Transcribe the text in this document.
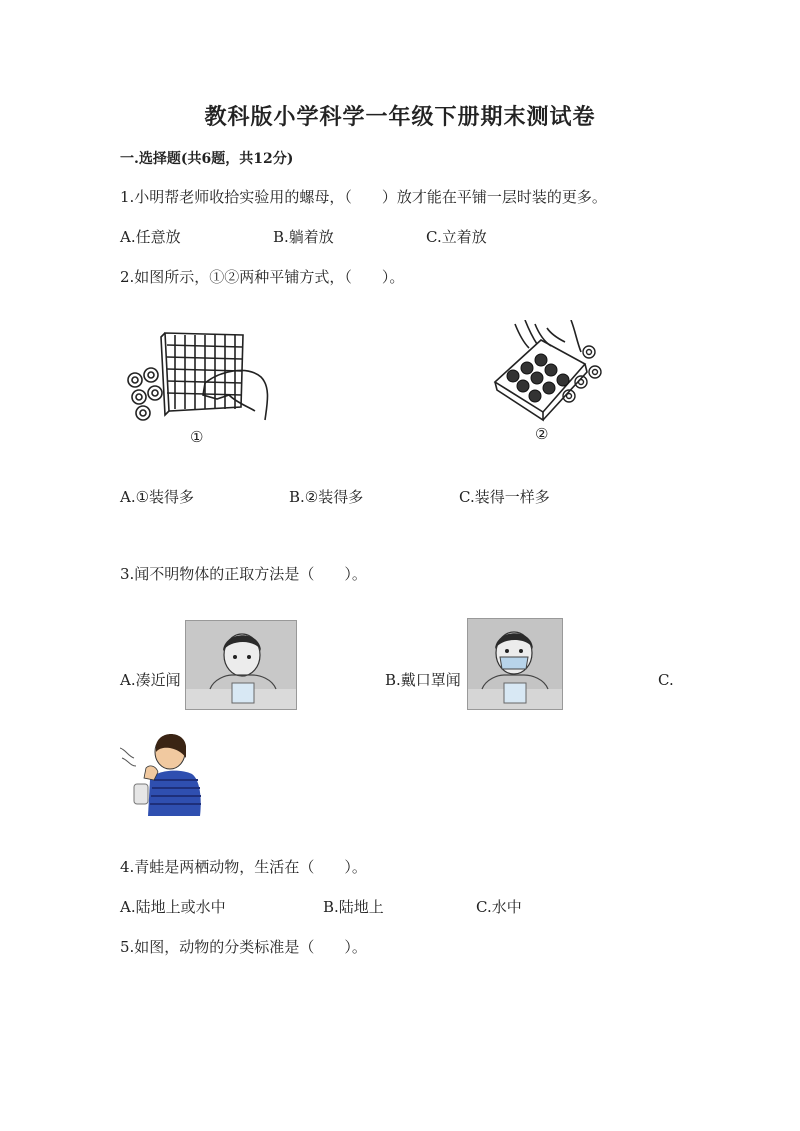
教科版小学科学一年级下册期末测试卷
一.选择题(共6题，共12分)
1.小明帮老师收拾实验用的螺母，（　　）放才能在平铺一层时装的更多。
A.任意放	B.躺着放	C.立着放
2.如图所示，①②两种平铺方式，（　　）。
①	②
A.①装得多	B.②装得多	C.装得一样多
3.闻不明物体的正取方法是（　　）。
A.凑近闻	B.戴口罩闻	C.
4.青蛙是两栖动物，生活在（　　）。
A.陆地上或水中	B.陆地上	C.水中
5.如图，动物的分类标准是（　　）。
